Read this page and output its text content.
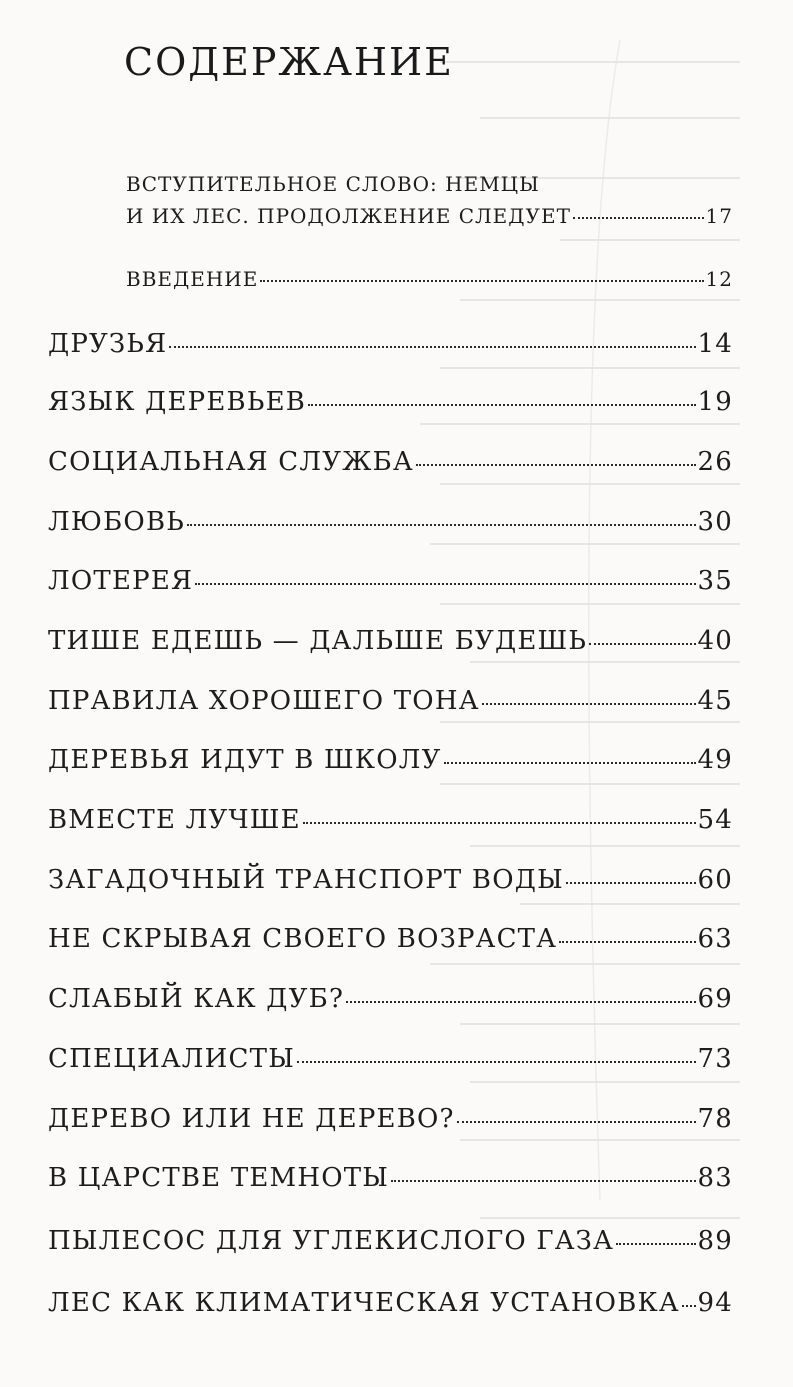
СОДЕРЖАНИЕ
ВСТУПИТЕЛЬНОЕ СЛОВО: НЕМЦЫ
И ИХ ЛЕС. ПРОДОЛЖЕНИЕ СЛЕДУЕТ	17
ВВЕДЕНИЕ	12
ДРУЗЬЯ	14
ЯЗЫК ДЕРЕВЬЕВ	19
СОЦИАЛЬНАЯ СЛУЖБА	26
ЛЮБОВЬ	30
ЛОТЕРЕЯ	35
ТИШЕ ЕДЕШЬ — ДАЛЬШЕ БУДЕШЬ	40
ПРАВИЛА ХОРОШЕГО ТОНА	45
ДЕРЕВЬЯ ИДУТ В ШКОЛУ	49
ВМЕСТЕ ЛУЧШЕ	54
ЗАГАДОЧНЫЙ ТРАНСПОРТ ВОДЫ	60
НЕ СКРЫВАЯ СВОЕГО ВОЗРАСТА	63
СЛАБЫЙ КАК ДУБ?	69
СПЕЦИАЛИСТЫ	73
ДЕРЕВО ИЛИ НЕ ДЕРЕВО?	78
В ЦАРСТВЕ ТЕМНОТЫ	83
ПЫЛЕСОС ДЛЯ УГЛЕКИСЛОГО ГАЗА	89
ЛЕС КАК КЛИМАТИЧЕСКАЯ УСТАНОВКА 94
